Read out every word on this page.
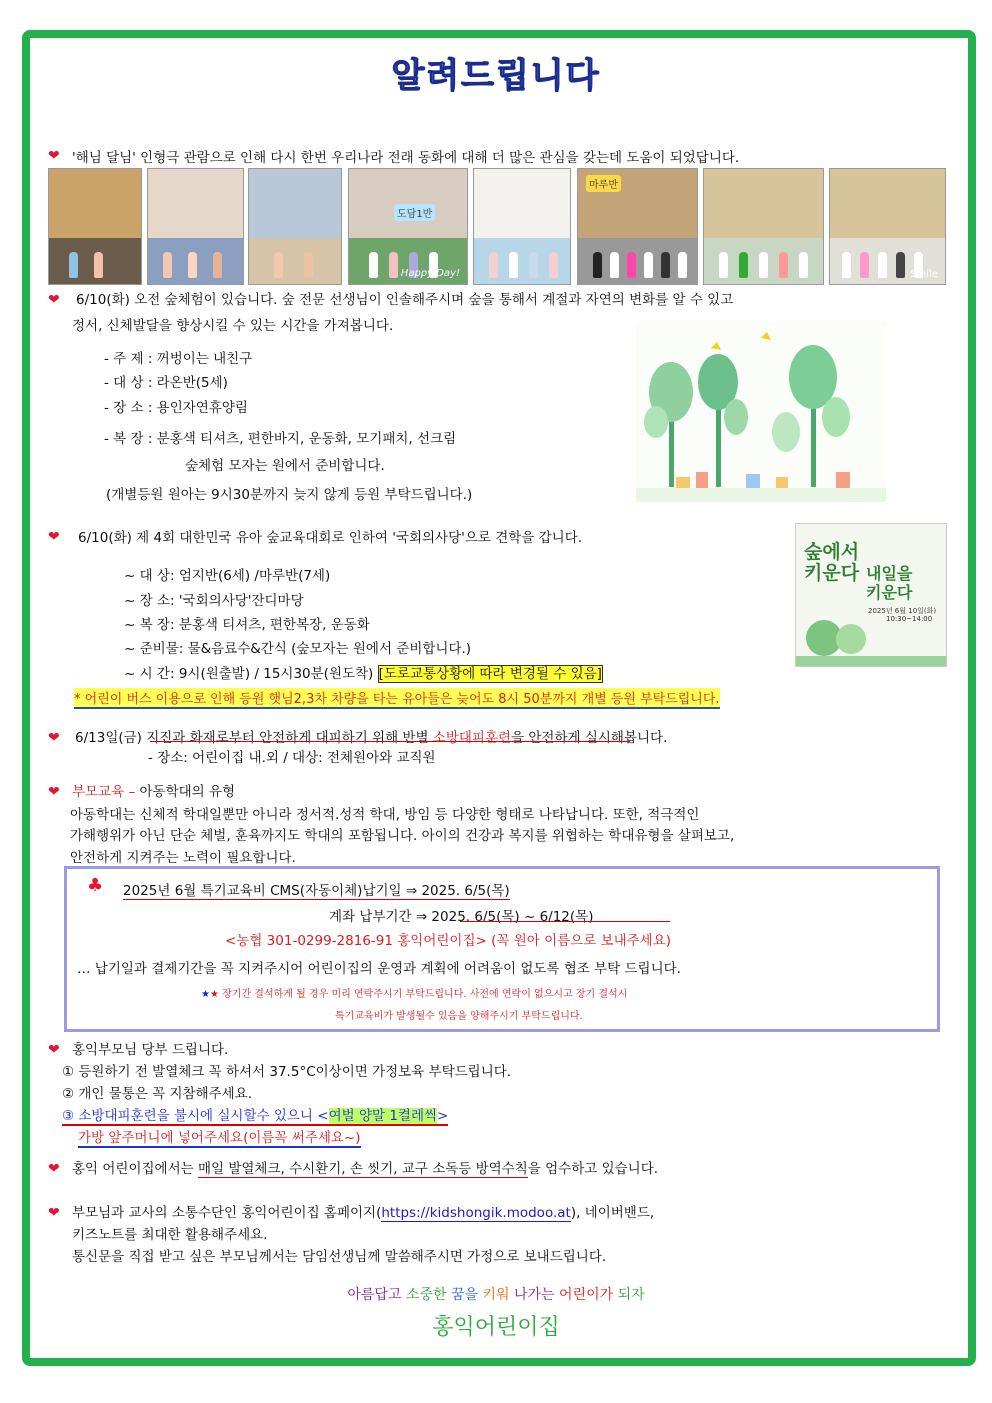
알려드립니다
❤ '해님 달님' 인형극 관람으로 인해 다시 한번 우리나라 전래 동화에 대해 더 많은 관심을 갖는데 도움이 되었답니다.
도담1반
Happy Day!
마루반
Smile
❤ 6/10(화) 오전 숲체험이 있습니다. 숲 전문 선생님이 인솔해주시며 숲을 통해서 계절과 자연의 변화를 알 수 있고
정서, 신체발달을 향상시킬 수 있는 시간을 가져봅니다.
- 주 제 : 꺼벙이는 내친구
- 대 상 : 라온반(5세)
- 장 소 : 용인자연휴양림
- 복 장 : 분홍색 티셔츠, 편한바지, 운동화, 모기패치, 선크림
숲체험 모자는 원에서 준비합니다.
(개별등원 원아는 9시30분까지 늦지 않게 등원 부탁드립니다.)
❤ 6/10(화) 제 4회 대한민국 유아 숲교육대회로 인하여 '국회의사당'으로 견학을 갑니다.
~ 대 상: 엄지반(6세) /마루반(7세)
~ 장 소: '국회의사당'잔디마당
~ 복 장: 분홍색 티셔츠, 편한복장, 운동화
~ 준비물: 물&음료수&간식 (숲모자는 원에서 준비합니다.)
~ 시 간: 9시(원출발) / 15시30분(원도착) [도로교통상황에 따라 변경될 수 있음]
* 어린이 버스 이용으로 인해 등원 햇님2,3차 차량을 타는 유아들은 늦어도 8시 50분까지 개별 등원 부탁드립니다.
숲에서
키운다 내일을
키운다
2025년 6월 10일(화)
10:30~14:00
❤ 6/13일(금) 지진과 화재로부터 안전하게 대피하기 위해 반별 소방대피훈련을 안전하게 실시해봅니다.
- 장소: 어린이집 내.외 / 대상: 전체원아와 교직원
❤ 부모교육 – 아동학대의 유형
아동학대는 신체적 학대일뿐만 아니라 정서적.성적 학대, 방임 등 다양한 형태로 나타납니다. 또한, 적극적인
가해행위가 아닌 단순 체벌, 훈육까지도 학대의 포함됩니다. 아이의 건강과 복지를 위협하는 학대유형을 살펴보고,
안전하게 지켜주는 노력이 필요합니다.
♣ 2025년 6월 특기교육비 CMS(자동이체)납기일 ⇒ 2025. 6/5(목)
계좌 납부기간 ⇒ 2025. 6/5(목) ~ 6/12(목)
<농협 301-0299-2816-91 홍익어린이집> (꼭 원아 이름으로 보내주세요)
… 납기일과 결제기간을 꼭 지켜주시어 어린이집의 운영과 계획에 어려움이 없도록 협조 부탁 드립니다.
★★ 장기간 결석하게 될 경우 미리 연락주시기 부탁드립니다. 사전에 연락이 없으시고 장기 결석시
특기교육비가 발생될수 있음을 양해주시기 부탁드립니다.
❤ 홍익부모님 당부 드립니다.
① 등원하기 전 발열체크 꼭 하셔서 37.5°C이상이면 가정보육 부탁드립니다.
② 개인 물통은 꼭 지참해주세요.
③ 소방대피훈련을 불시에 실시할수 있으니 <여벌 양말 1켤레씩>
가방 앞주머니에 넣어주세요(이름꼭 써주세요~)
❤ 홍익 어린이집에서는 매일 발열체크, 수시환기, 손 씻기, 교구 소독등 방역수칙을 엄수하고 있습니다.
❤ 부모님과 교사의 소통수단인 홍익어린이집 홈페이지(https://kidshongik.modoo.at), 네이버밴드,
키즈노트를 최대한 활용해주세요.
통신문을 직접 받고 싶은 부모님께서는 담임선생님께 말씀해주시면 가정으로 보내드립니다.
아름답고 소중한 꿈을 키워 나가는 어린이가 되자
홍익어린이집
